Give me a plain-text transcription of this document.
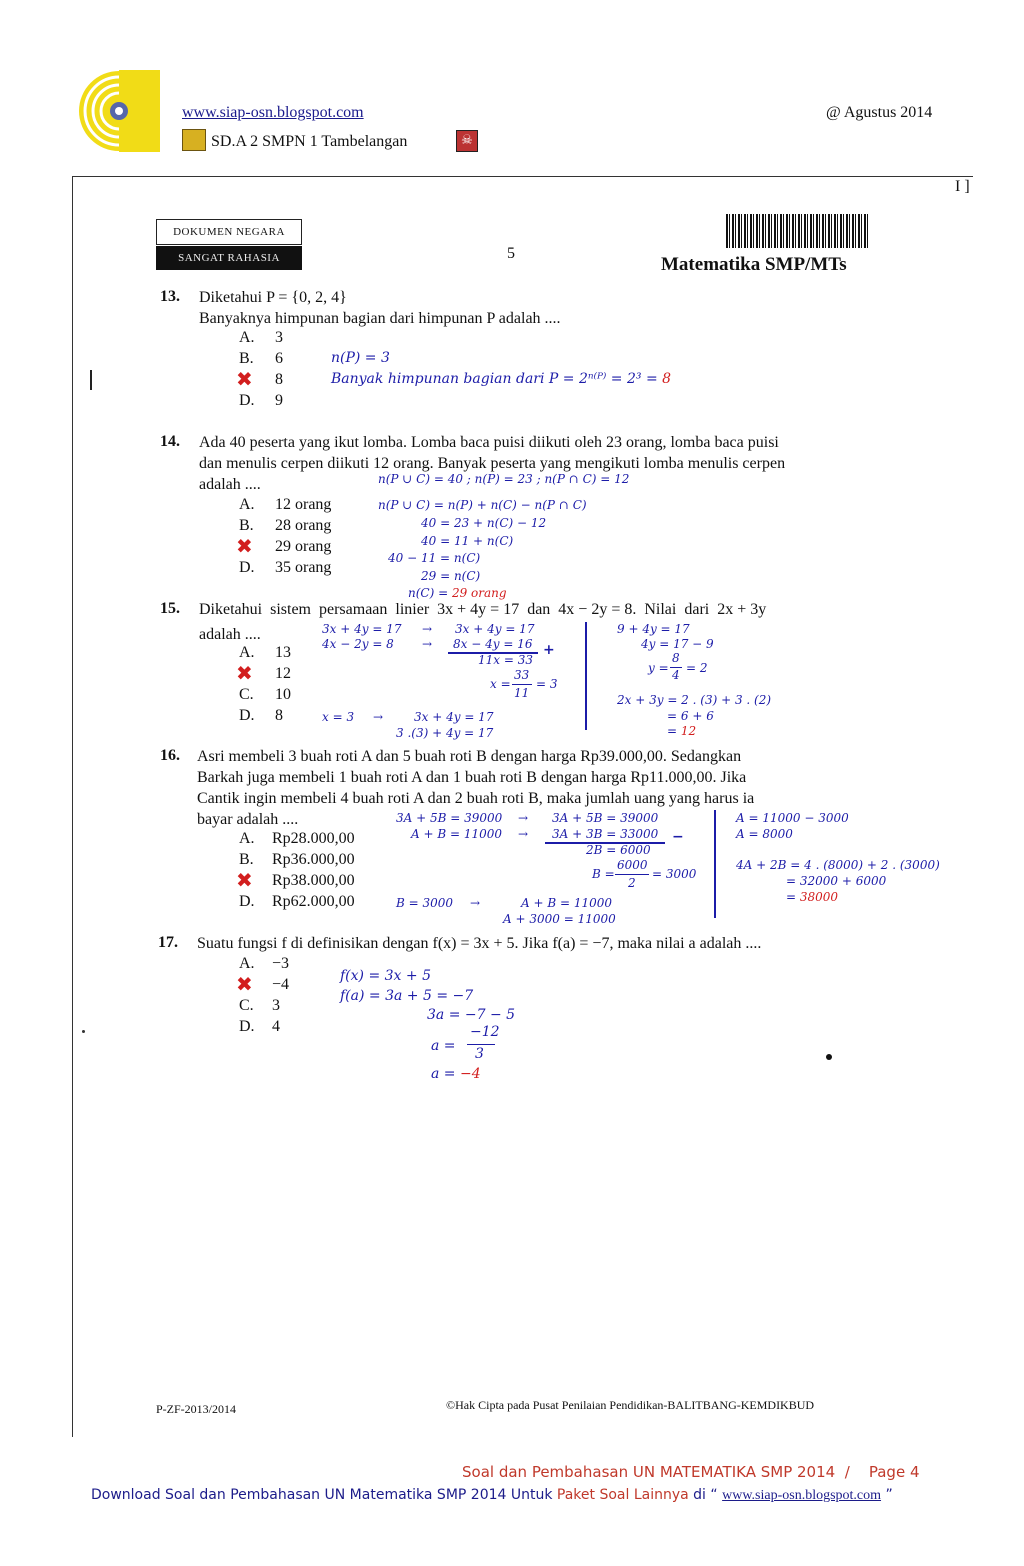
www.siap-osn.blogspot.com	@ Agustus 2014
SD.A 2 SMPN 1 Tambelangan	☠
I ]
DOKUMEN NEGARA
SANGAT RAHASIA	5
Matematika SMP/MTs
13. Diketahui P = {0, 2, 4}
Banyaknya himpunan bagian dari himpunan P adalah ....
A.	3
B.	6
✖ 8
D.	9
n(P) = 3
Banyak himpunan bagian dari P = 2ⁿ⁽ᴾ⁾ = 2³ = 8
14. Ada 40 peserta yang ikut lomba. Lomba baca puisi diikuti oleh 23 orang, lomba baca puisi
dan menulis cerpen diikuti 12 orang. Banyak peserta yang mengikuti lomba menulis cerpen
adalah ....
A.	12 orang
B.	28 orang
✖ 29 orang
D.	35 orang
n(P ∪ C) = 40 ; n(P) = 23 ; n(P ∩ C) = 12
n(P ∪ C) = n(P) + n(C) − n(P ∩ C)
40 = 23 + n(C) − 12
40 = 11 + n(C)
40 − 11 = n(C)
29 = n(C)
n(C) = 29 orang
15. Diketahui  sistem  persamaan  linier  3x + 4y = 17  dan  4x − 2y = 8.  Nilai  dari  2x + 3y
adalah ....
A.	13
✖ 12
C.	10
D.	8
3x + 4y = 17
4x − 2y = 8
→
→
3x + 4y = 17
8x − 4y = 16
11x = 33
+
x =
33
11
= 3
x = 3 →	3x + 4y = 17
3 .(3) + 4y = 17
9 + 4y = 17
4y = 17 − 9
y =
8
4 = 2
2x + 3y = 2 . (3) + 3 . (2)
= 6 + 6
= 12
16. Asri membeli 3 buah roti A dan 5 buah roti B dengan harga Rp39.000,00. Sedangkan
Barkah juga membeli 1 buah roti A dan 1 buah roti B dengan harga Rp11.000,00. Jika
Cantik ingin membeli 4 buah roti A dan 2 buah roti B, maka jumlah uang yang harus ia
bayar adalah ....
A.	Rp28.000,00
B.	Rp36.000,00
✖ Rp38.000,00
D.	Rp62.000,00
3A + 5B = 39000
A + B = 11000
→
→
3A + 5B = 39000
3A + 3B = 33000
2B = 6000
−
B =
6000
2
= 3000
B = 3000 →	A + B = 11000
A + 3000 = 11000
A = 11000 − 3000
A = 8000
4A + 2B = 4 . (8000) + 2 . (3000)
= 32000 + 6000
= 38000
17. Suatu fungsi f di definisikan dengan f(x) = 3x + 5. Jika f(a) = −7, maka nilai a adalah ....
A.	−3
✖ −4
C.	3
D.	4
f(x) = 3x + 5
f(a) = 3a + 5 = −7
3a = −7 − 5
a =
−12
3
a = −4
P-ZF-2013/2014	©Hak Cipta pada Pusat Penilaian Pendidikan-BALITBANG-KEMDIKBUD
Soal dan Pembahasan UN MATEMATIKA SMP 2014  / Page 4
Download Soal dan Pembahasan UN Matematika SMP 2014 Untuk Paket Soal Lainnya di “ www.siap-osn.blogspot.com ”
